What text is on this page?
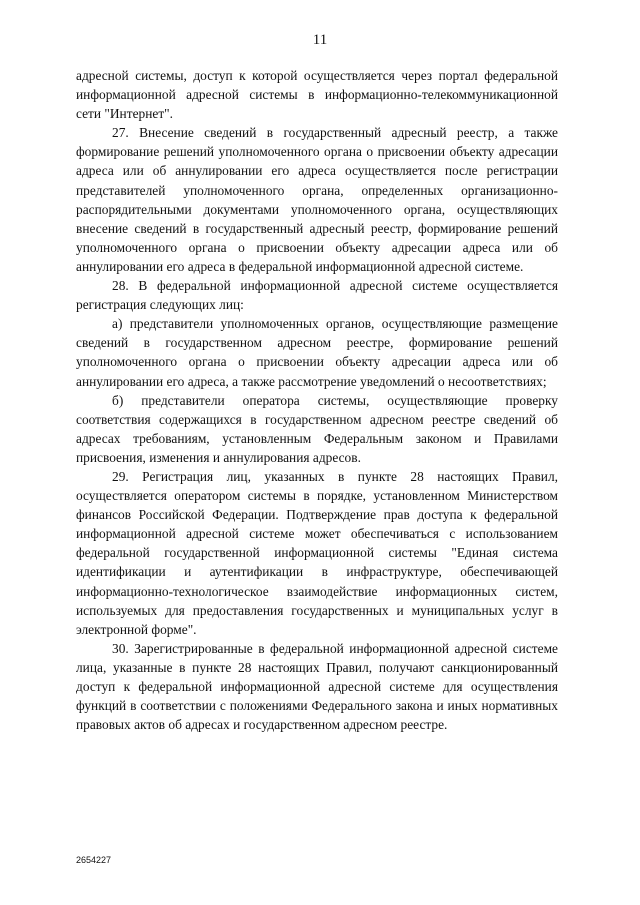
11

адресной системы, доступ к которой осуществляется через портал федеральной информационной адресной системы в информационно-телекоммуникационной сети "Интернет".

27. Внесение сведений в государственный адресный реестр, а также формирование решений уполномоченного органа о присвоении объекту адресации адреса или об аннулировании его адреса осуществляется после регистрации представителей уполномоченного органа, определенных организационно-распорядительными документами уполномоченного органа, осуществляющих внесение сведений в государственный адресный реестр, формирование решений уполномоченного органа о присвоении объекту адресации адреса или об аннулировании его адреса в федеральной информационной адресной системе.

28. В федеральной информационной адресной системе осуществляется регистрация следующих лиц:

а) представители уполномоченных органов, осуществляющие размещение сведений в государственном адресном реестре, формирование решений уполномоченного органа о присвоении объекту адресации адреса или об аннулировании его адреса, а также рассмотрение уведомлений о несоответствиях;

б) представители оператора системы, осуществляющие проверку соответствия содержащихся в государственном адресном реестре сведений об адресах требованиям, установленным Федеральным законом и Правилами присвоения, изменения и аннулирования адресов.

29. Регистрация лиц, указанных в пункте 28 настоящих Правил, осуществляется оператором системы в порядке, установленном Министерством финансов Российской Федерации. Подтверждение прав доступа к федеральной информационной адресной системе может обеспечиваться с использованием федеральной государственной информационной системы "Единая система идентификации и аутентификации в инфраструктуре, обеспечивающей информационно-технологическое взаимодействие информационных систем, используемых для предоставления государственных и муниципальных услуг в электронной форме".

30. Зарегистрированные в федеральной информационной адресной системе лица, указанные в пункте 28 настоящих Правил, получают санкционированный доступ к федеральной информационной адресной системе для осуществления функций в соответствии с положениями Федерального закона и иных нормативных правовых актов об адресах и государственном адресном реестре.

2654227
